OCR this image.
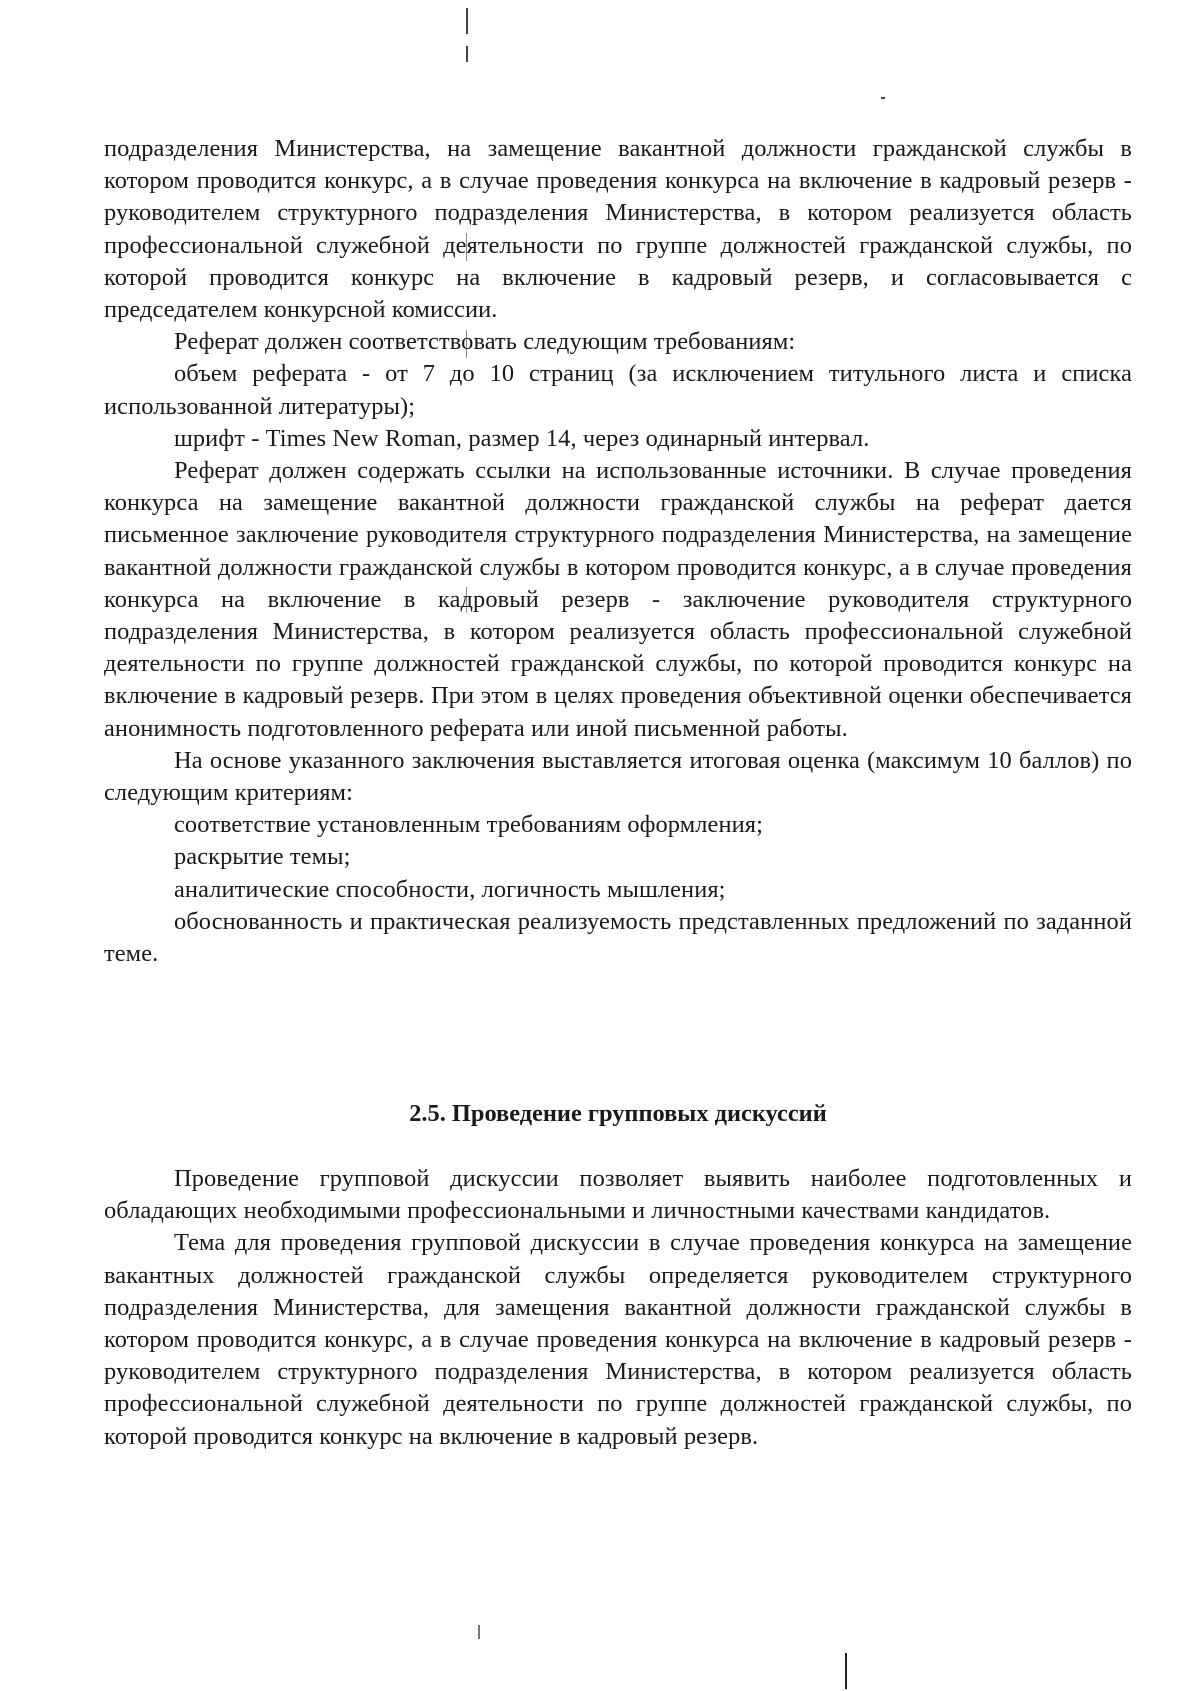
подразделения Министерства, на замещение вакантной должности гражданской службы в котором проводится конкурс, а в случае проведения конкурса на включение в кадровый резерв - руководителем структурного подразделения Министерства, в котором реализуется область профессиональной служебной деятельности по группе должностей гражданской службы, по которой проводится конкурс на включение в кадровый резерв, и согласовывается с председателем конкурсной комиссии.

Реферат должен соответствовать следующим требованиям:

объем реферата - от 7 до 10 страниц (за исключением титульного листа и списка использованной литературы);

шрифт - Times New Roman, размер 14, через одинарный интервал.

Реферат должен содержать ссылки на использованные источники. В случае проведения конкурса на замещение вакантной должности гражданской службы на реферат дается письменное заключение руководителя структурного подразделения Министерства, на замещение вакантной должности гражданской службы в котором проводится конкурс, а в случае проведения конкурса на включение в кадровый резерв - заключение руководителя структурного подразделения Министерства, в котором реализуется область профессиональной служебной деятельности по группе должностей гражданской службы, по которой проводится конкурс на включение в кадровый резерв. При этом в целях проведения объективной оценки обеспечивается анонимность подготовленного реферата или иной письменной работы.

На основе указанного заключения выставляется итоговая оценка (максимум 10 баллов) по следующим критериям:

соответствие установленным требованиям оформления;

раскрытие темы;

аналитические способности, логичность мышления;

обоснованность и практическая реализуемость представленных предложений по заданной теме.

2.5. Проведение групповых дискуссий

Проведение групповой дискуссии позволяет выявить наиболее подготовленных и обладающих необходимыми профессиональными и личностными качествами кандидатов.

Тема для проведения групповой дискуссии в случае проведения конкурса на замещение вакантных должностей гражданской службы определяется руководителем структурного подразделения Министерства, для замещения вакантной должности гражданской службы в котором проводится конкурс, а в случае проведения конкурса на включение в кадровый резерв - руководителем структурного подразделения Министерства, в котором реализуется область профессиональной служебной деятельности по группе должностей гражданской службы, по которой проводится конкурс на включение в кадровый резерв.
